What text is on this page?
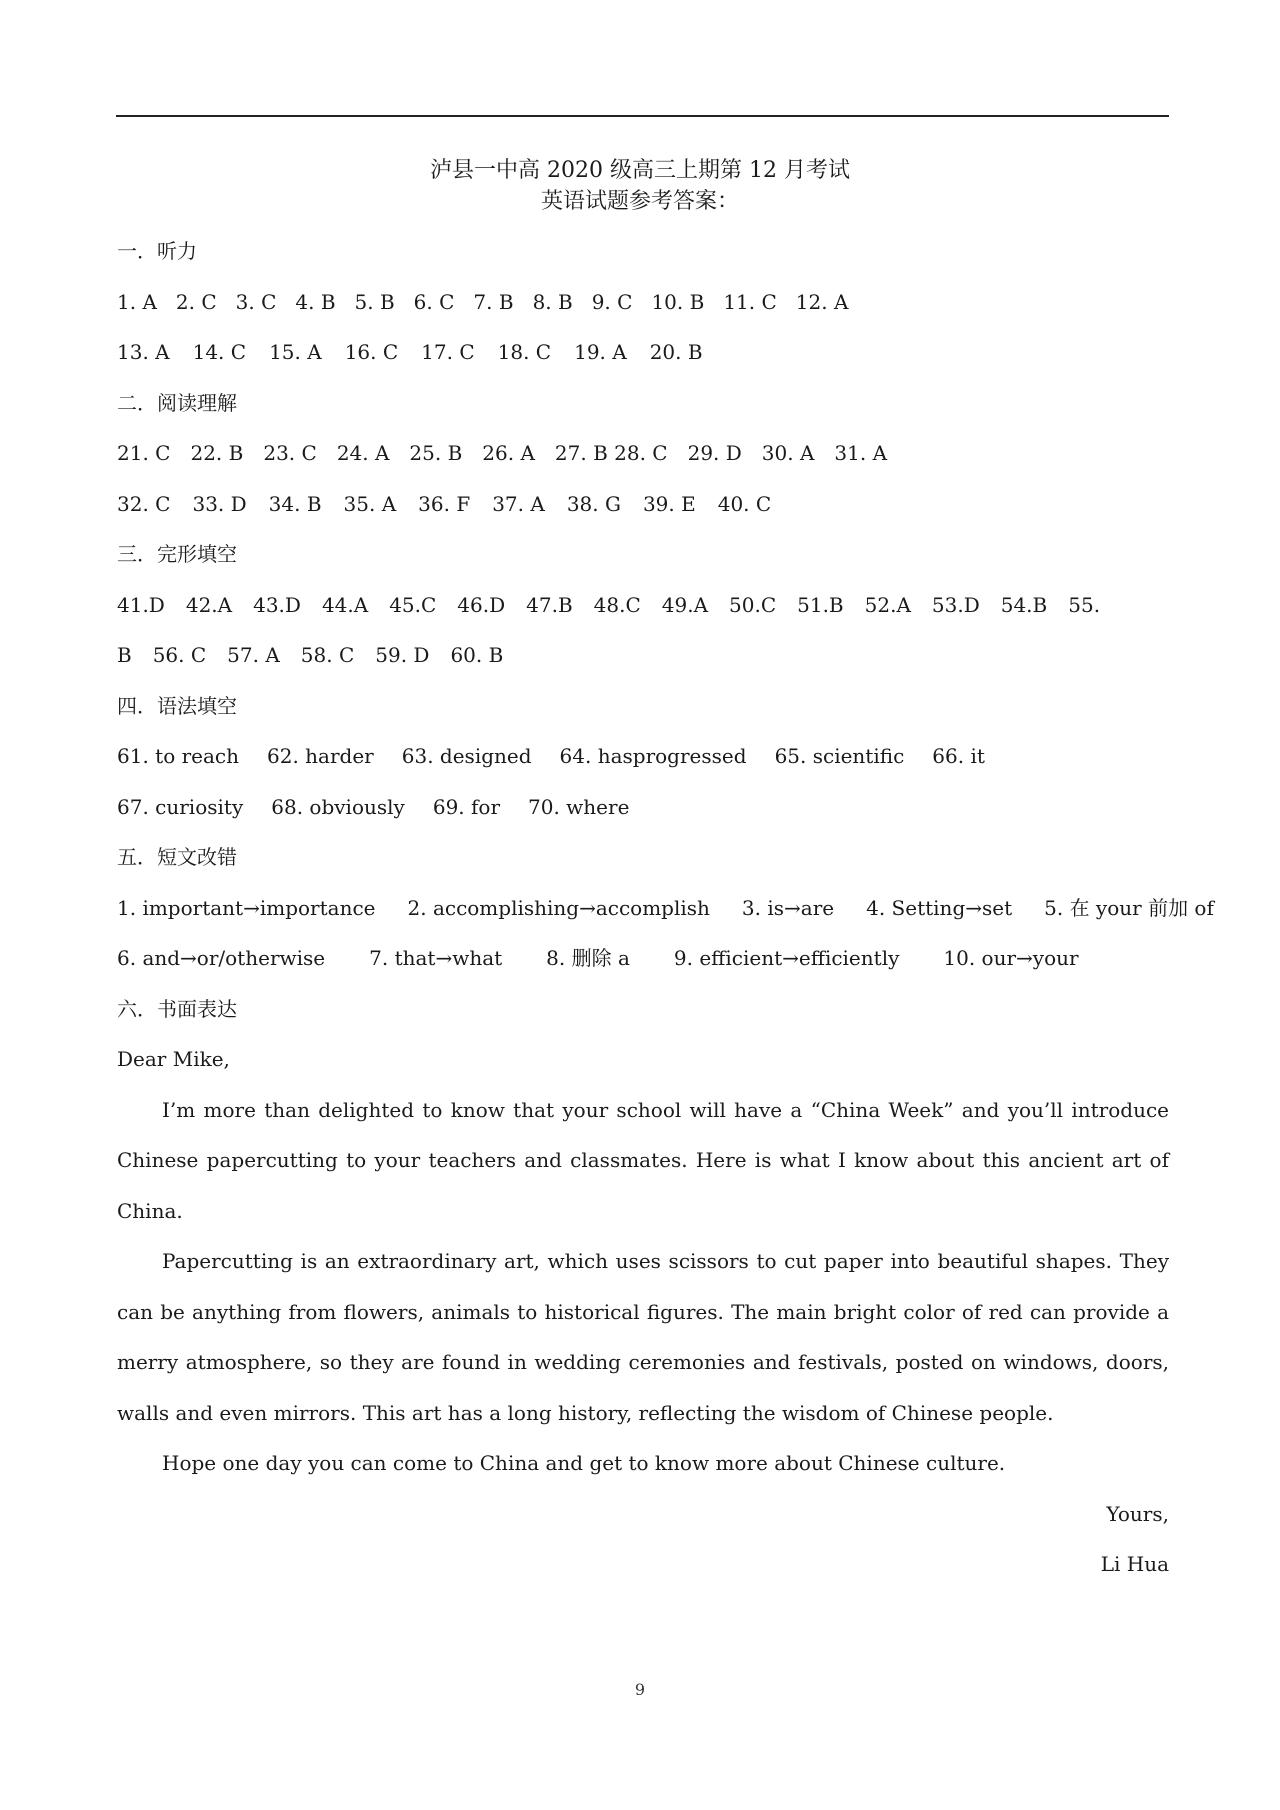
泸县一中高 2020 级高三上期第 12 月考试
英语试题参考答案：
一．听力
1. A 2. C 3. C 4. B 5. B 6. C 7. B 8. B 9. C 10. B 11. C 12. A
13. A 14. C 15. A 16. C 17. C 18. C 19. A 20. B
二．阅读理解
21. C 22. B 23. C 24. A 25. B 26. A 27. B 28. C 29. D 30. A 31. A
32. C 33. D 34. B 35. A 36. F 37. A 38. G 39. E 40. C
三．完形填空
41.D 42.A 43.D 44.A 45.C 46.D 47.B 48.C 49.A 50.C 51.B 52.A 53.D 54.B 55.
B 56. C 57. A 58. C 59. D 60. B
四．语法填空
61. to reach 62. harder 63. designed 64. hasprogressed 65. scientific 66. it
67. curiosity 68. obviously 69. for 70. where
五．短文改错
1. important→importance 2. accomplishing→accomplish 3. is→are 4. Setting→set 5. 在 your 前加 of
6. and→or/otherwise 7. that→what 8. 删除 a 9. efficient→efficiently 10. our→your
六．书面表达
Dear Mike,
I’m more than delighted to know that your school will have a “China Week” and you’ll introduce Chinese papercutting to your teachers and classmates. Here is what I know about this ancient art of China.
Papercutting is an extraordinary art, which uses scissors to cut paper into beautiful shapes. They can be anything from flowers, animals to historical figures. The main bright color of red can provide a merry atmosphere, so they are found in wedding ceremonies and festivals, posted on windows, doors, walls and even mirrors. This art has a long history, reflecting the wisdom of Chinese people.
Hope one day you can come to China and get to know more about Chinese culture.
Yours,
Li Hua
9
